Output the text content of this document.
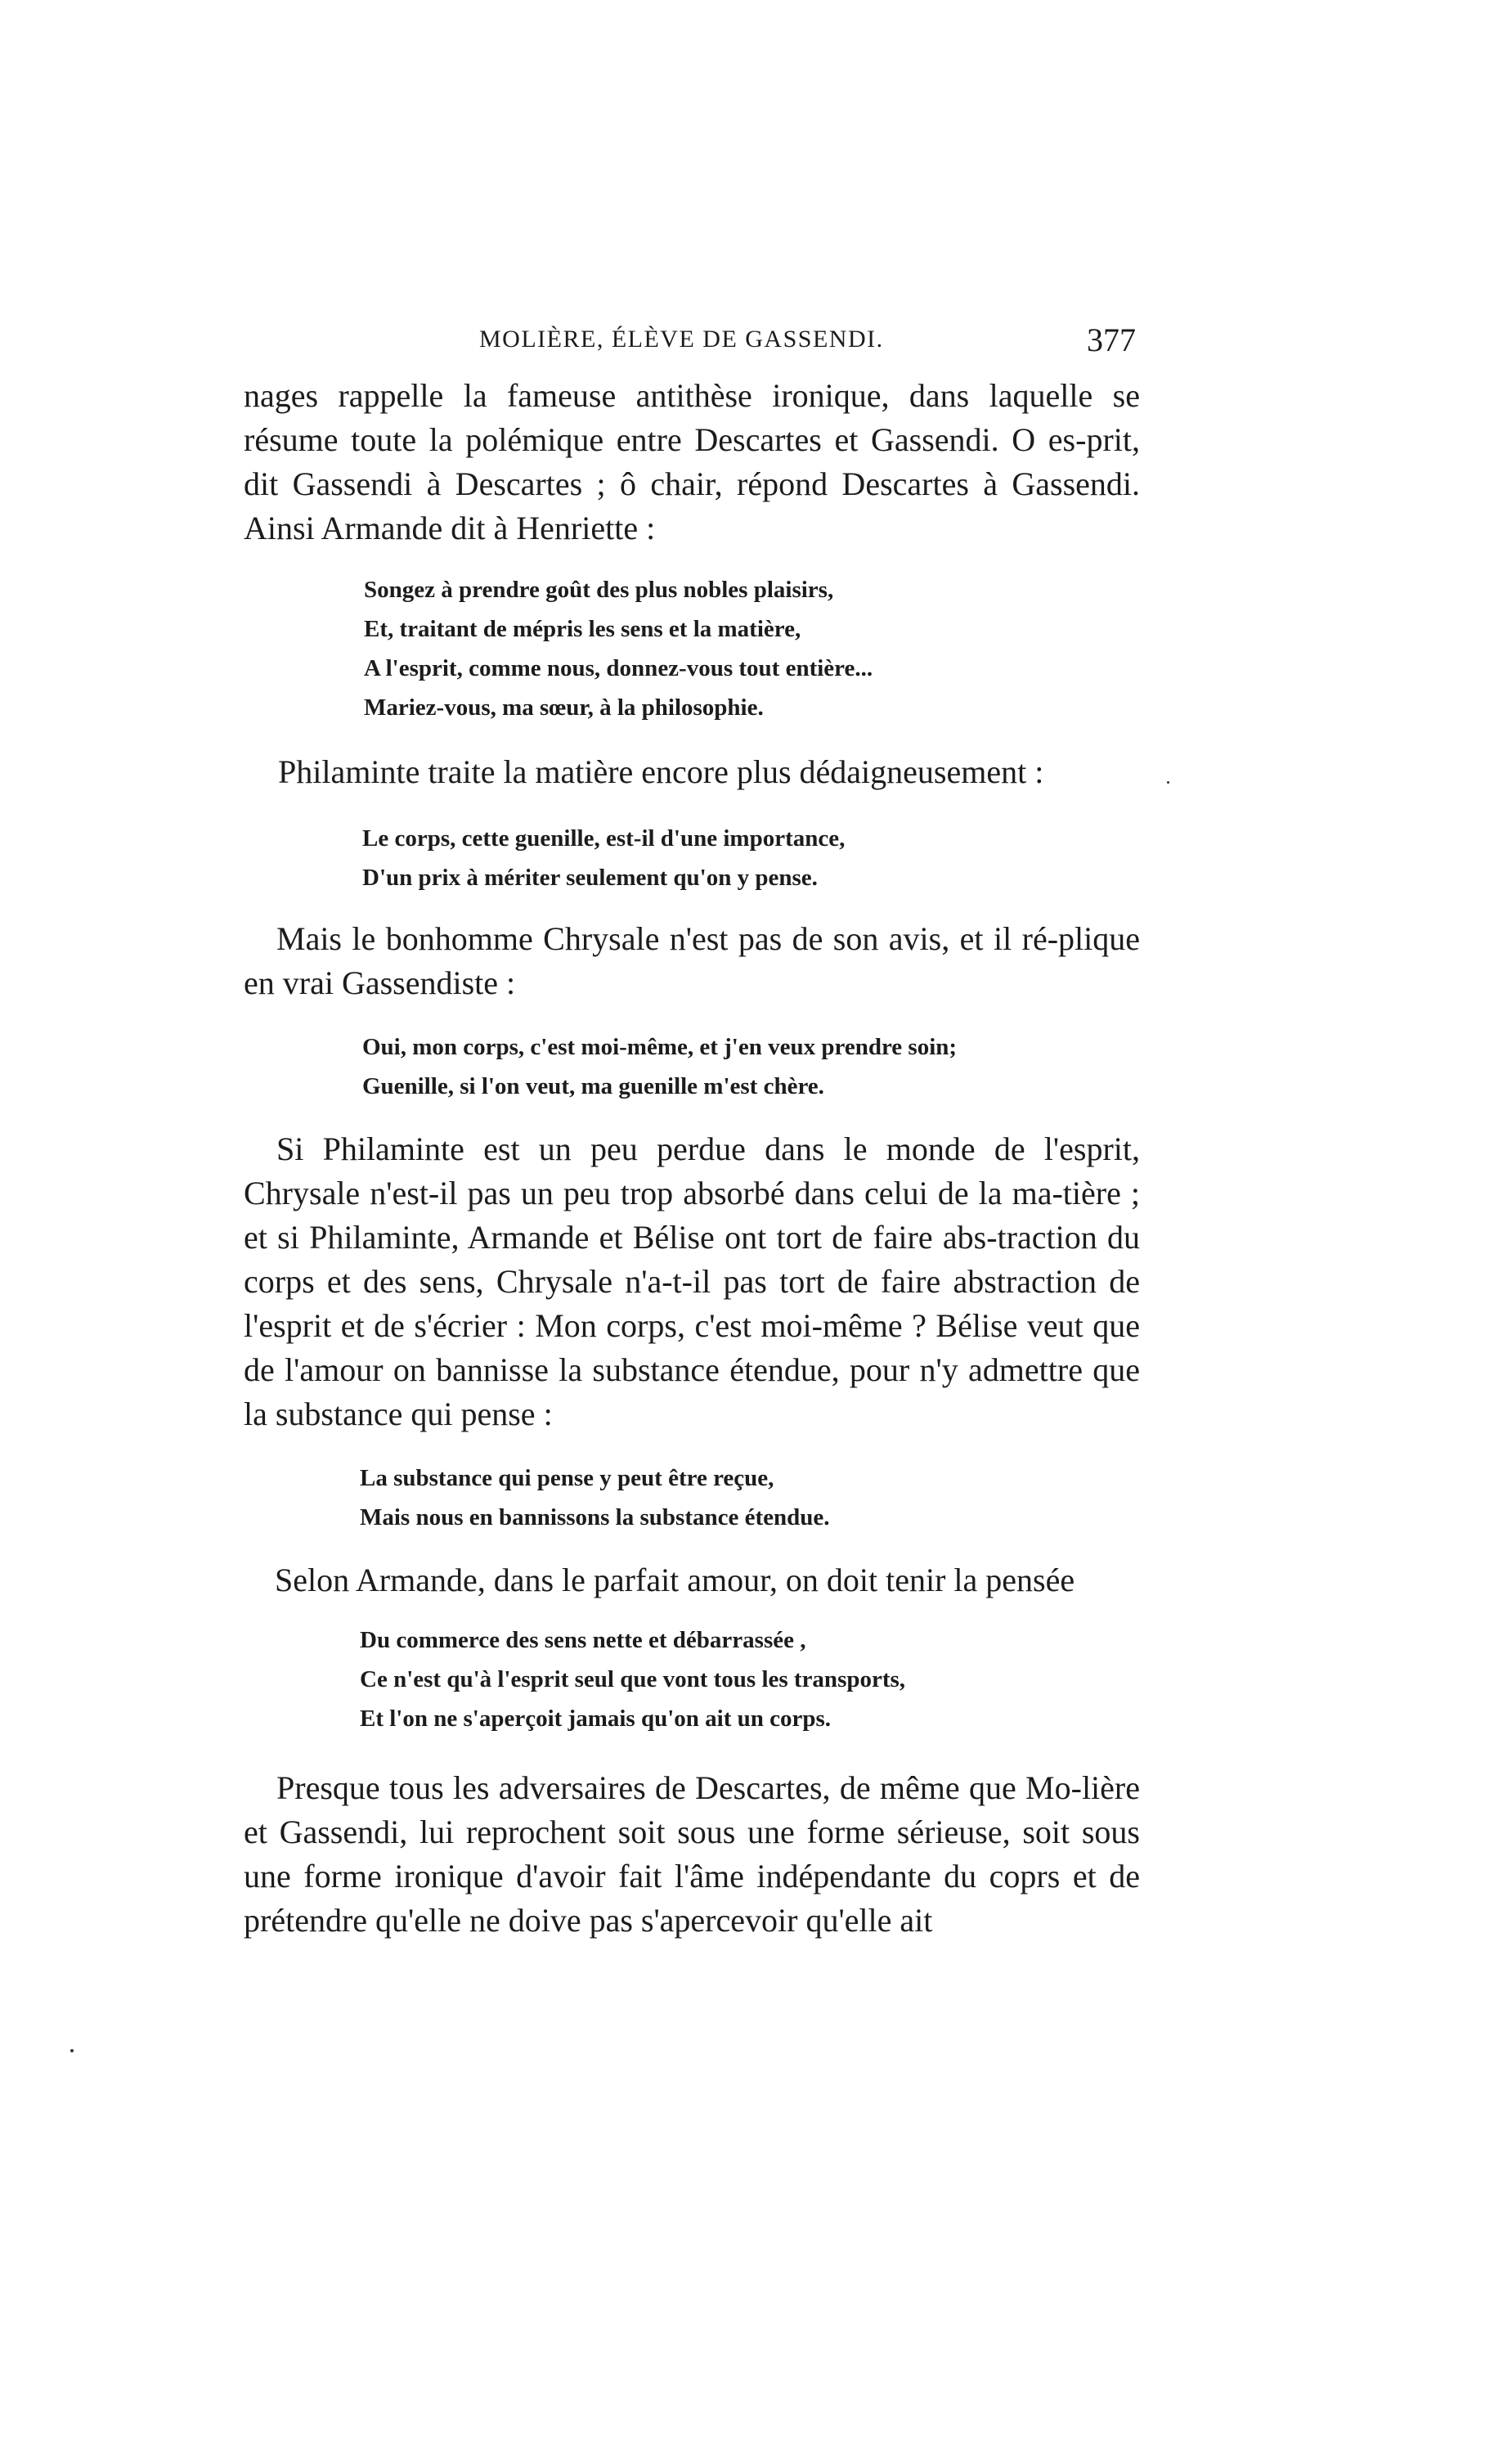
MOLIÈRE, ÉLÈVE DE GASSENDI.	377

nages rappelle la fameuse antithèse ironique, dans laquelle se résume toute la polémique entre Descartes et Gassendi. O es-prit, dit Gassendi à Descartes ; ô chair, répond Descartes à Gassendi. Ainsi Armande dit à Henriette :

Songez à prendre goût des plus nobles plaisirs,
Et, traitant de mépris les sens et la matière,
A l'esprit, comme nous, donnez-vous tout entière...
Mariez-vous, ma sœur, à la philosophie.

Philaminte traite la matière encore plus dédaigneusement :

Le corps, cette guenille, est-il d'une importance,
D'un prix à mériter seulement qu'on y pense.

Mais le bonhomme Chrysale n'est pas de son avis, et il ré-plique en vrai Gassendiste :

Oui, mon corps, c'est moi-même, et j'en veux prendre soin;
Guenille, si l'on veut, ma guenille m'est chère.

Si Philaminte est un peu perdue dans le monde de l'esprit, Chrysale n'est-il pas un peu trop absorbé dans celui de la ma-tière ; et si Philaminte, Armande et Bélise ont tort de faire abs-traction du corps et des sens, Chrysale n'a-t-il pas tort de faire abstraction de l'esprit et de s'écrier : Mon corps, c'est moi-même ? Bélise veut que de l'amour on bannisse la substance étendue, pour n'y admettre que la substance qui pense :

La substance qui pense y peut être reçue,
Mais nous en bannissons la substance étendue.

Selon Armande, dans le parfait amour, on doit tenir la pensée

Du commerce des sens nette et débarrassée ,
Ce n'est qu'à l'esprit seul que vont tous les transports,
Et l'on ne s'aperçoit jamais qu'on ait un corps.

Presque tous les adversaires de Descartes, de même que Mo-lière et Gassendi, lui reprochent soit sous une forme sérieuse, soit sous une forme ironique d'avoir fait l'âme indépendante du coprs et de prétendre qu'elle ne doive pas s'apercevoir qu'elle ait
